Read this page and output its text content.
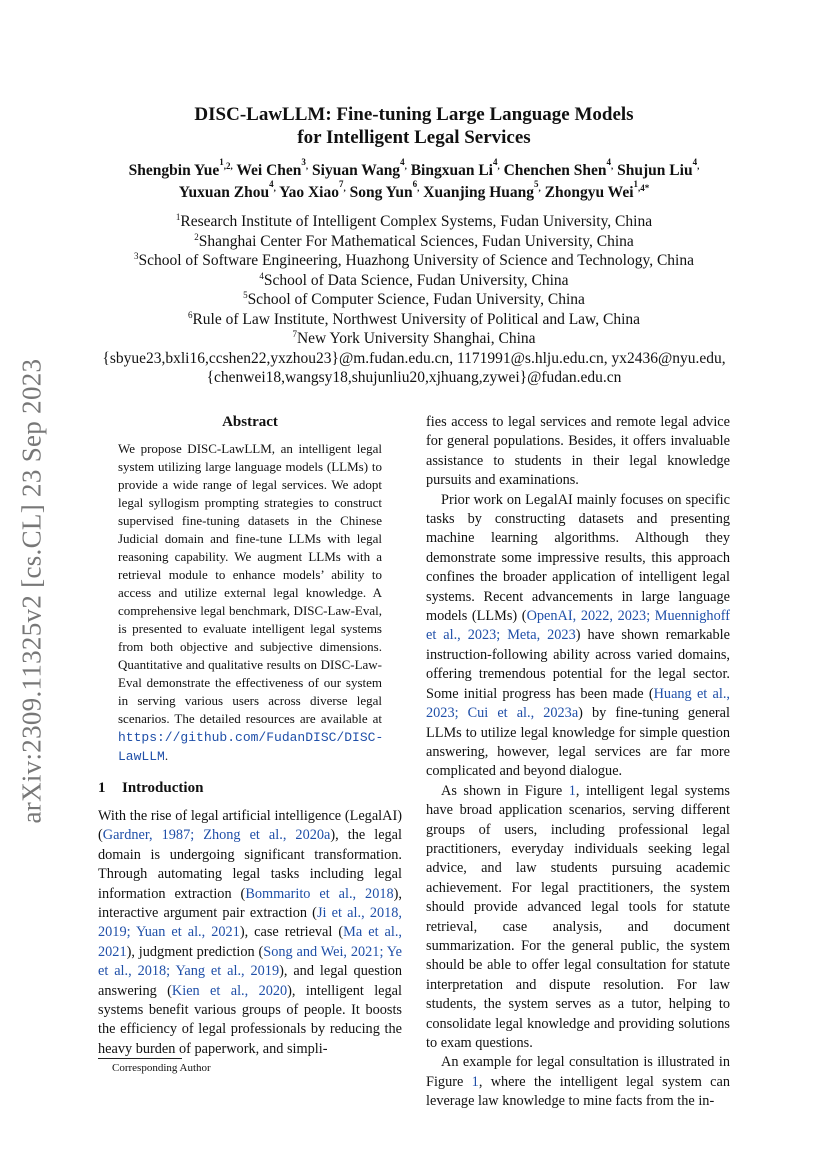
arXiv:2309.11325v2 [cs.CL] 23 Sep 2023
DISC-LawLLM: Fine-tuning Large Language Models
for Intelligent Legal Services
Shengbin Yue$^{^1,2,}$ Wei Chen$^{^3,}$ Siyuan Wang$^{^4,}$ Bingxuan $Li^{^4,}$ Chenchen Shen$^{^4,}$ Shujun Liu$^{^4,}$
Yuxuan Zhou$^{^4,}$ Yao Xiao$^{^7,}$ Song Yun$^{^6,}$ Xuanjing Huang$^{^5,}$ Zhongyu Wei$^{^1,4*}$
$^1$Research Institute of Intelligent Complex Systems, Fudan University, China
$^2$Shanghai Center For Mathematical Sciences, Fudan University, China
$^3$School of Software Engineering, Huazhong University of Science and Technology, China
$^4$School of Data Science, Fudan University, China
$^5$School of Computer Science, Fudan University, China
$^6$Rule of Law Institute, Northwest University of Political and Law, China
$^7$New York University Shanghai, China
{sbyue23,bxli16,ccshen22,yxzhou23}@m.fudan.edu.cn, 1171991@s.hlju.edu.cn, yx2436@nyu.edu,
{chenwei18,wangsy18,shujunliu20,xjhuang,zywei}@fudan.edu.cn
Abstract

We propose DISC-LawLLM, an intelligent legal system utilizing large language models (LLMs) to provide a wide range of legal services. We adopt legal syllogism prompting strategies to construct supervised fine-tuning datasets in the Chinese Judicial domain and fine-tune LLMs with legal reasoning capability. We augment LLMs with a retrieval module to enhance models’ ability to access and utilize external legal knowledge. A comprehensive legal benchmark, DISC-Law-Eval, is presented to evaluate intelligent legal systems from both objective and subjective dimensions. Quantitative and qualitative results on DISC-Law-Eval demonstrate the effectiveness of our system in serving various users across diverse legal scenarios. The detailed resources are available at https://github.com/FudanDISC/DISC-LawLLM.

1 Introduction

With the rise of legal artificial intelligence (LegalAI) (Gardner, 1987; Zhong et al., 2020a), the legal domain is undergoing significant transformation. Through automating legal tasks including legal information extraction (Bommarito et al., 2018), interactive argument pair extraction (Ji et al., 2018, 2019; Yuan et al., 2021), case retrieval (Ma et al., 2021), judgment prediction (Song and Wei, 2021; Ye et al., 2018; Yang et al., 2019), and legal question answering (Kien et al., 2020), intelligent legal systems benefit various groups of people. It boosts the efficiency of legal professionals by reducing the heavy burden of paperwork, and simpli-

Corresponding Author

fies access to legal services and remote legal advice for general populations. Besides, it offers invaluable assistance to students in their legal knowledge pursuits and examinations.

Prior work on LegalAI mainly focuses on specific tasks by constructing datasets and presenting machine learning algorithms. Although they demonstrate some impressive results, this approach confines the broader application of intelligent legal systems. Recent advancements in large language models (LLMs) (OpenAI, 2022, 2023; Muennighoff et al., 2023; Meta, 2023) have shown remarkable instruction-following ability across varied domains, offering tremendous potential for the legal sector. Some initial progress has been made (Huang et al., 2023; Cui et al., 2023a) by fine-tuning general LLMs to utilize legal knowledge for simple question answering, however, legal services are far more complicated and beyond dialogue.

As shown in Figure 1, intelligent legal systems have broad application scenarios, serving different groups of users, including professional legal practitioners, everyday individuals seeking legal advice, and law students pursuing academic achievement. For legal practitioners, the system should provide advanced legal tools for statute retrieval, case analysis, and document summarization. For the general public, the system should be able to offer legal consultation for statute interpretation and dispute resolution. For law students, the system serves as a tutor, helping to consolidate legal knowledge and providing solutions to exam questions.

An example for legal consultation is illustrated in Figure 1, where the intelligent legal system can leverage law knowledge to mine facts from the in-
